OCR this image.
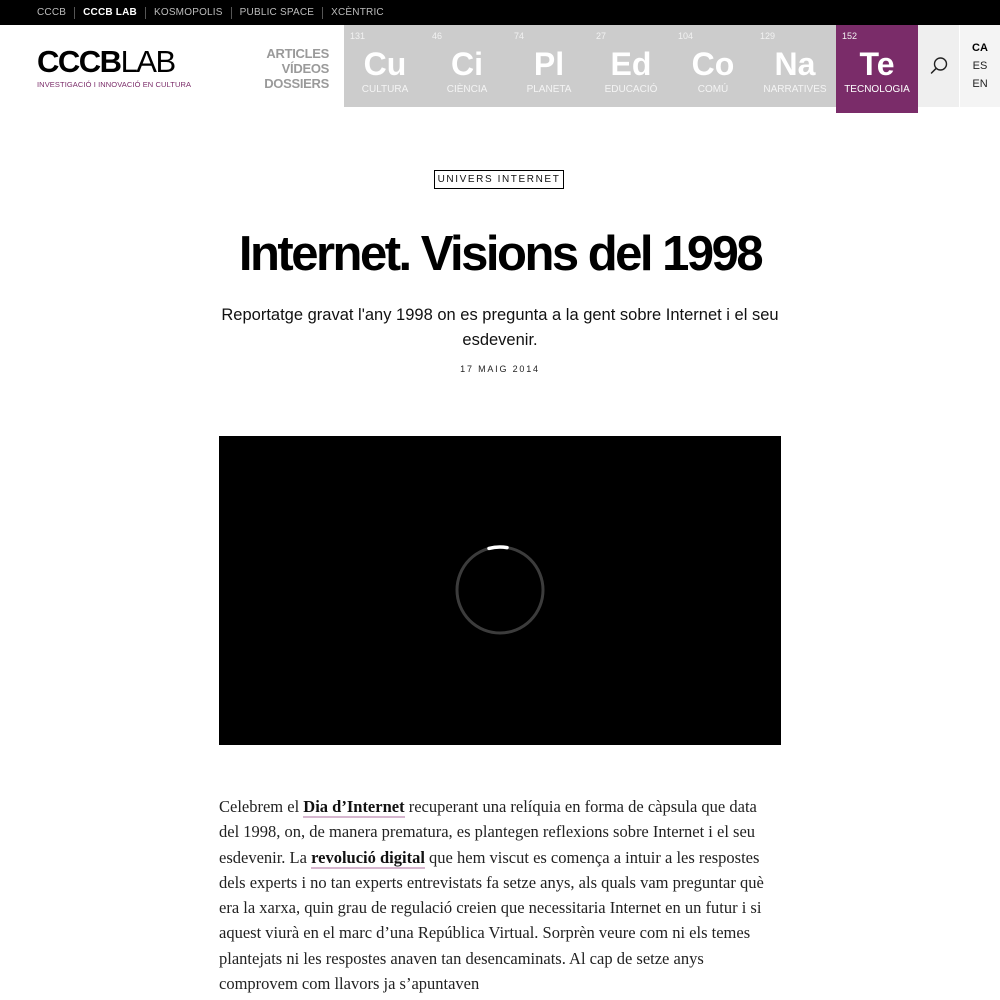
CCCB	CCCB LAB	KOSMOPOLIS	PUBLIC SPACE	XCÈNTRIC
CCCBLAB
INVESTIGACIÓ I INNOVACIÓ EN CULTURA
ARTICLES
VÍDEOS
DOSSIERS
131
Cu
CULTURA
46
Ci
CIÈNCIA
74
Pl
PLANETA
27
Ed
EDUCACIÓ
104
Co
COMÚ
129
Na
NARRATIVES
152
Te
TECNOLOGIA
CA
ES
EN
UNIVERS INTERNET
Internet. Visions del 1998

Reportatge gravat l'any 1998 on es pregunta a la gent sobre Internet i el seu esdevenir.

17 MAIG 2014

Celebrem el Dia d’Internet recuperant una relíquia en forma de càpsula que data del 1998, on, de manera prematura, es plantegen reflexions sobre Internet i el seu esdevenir. La revolució digital que hem viscut es comença a intuir a les respostes dels experts i no tan experts entrevistats fa setze anys, als quals vam preguntar què era la xarxa, quin grau de regulació creien que necessitaria Internet en un futur i si aquest viurà en el marc d’una República Virtual. Sorprèn veure com ni els temes plantejats ni les respostes anaven tan desencaminats. Al cap de setze anys comprovem com llavors ja s’apuntaven
